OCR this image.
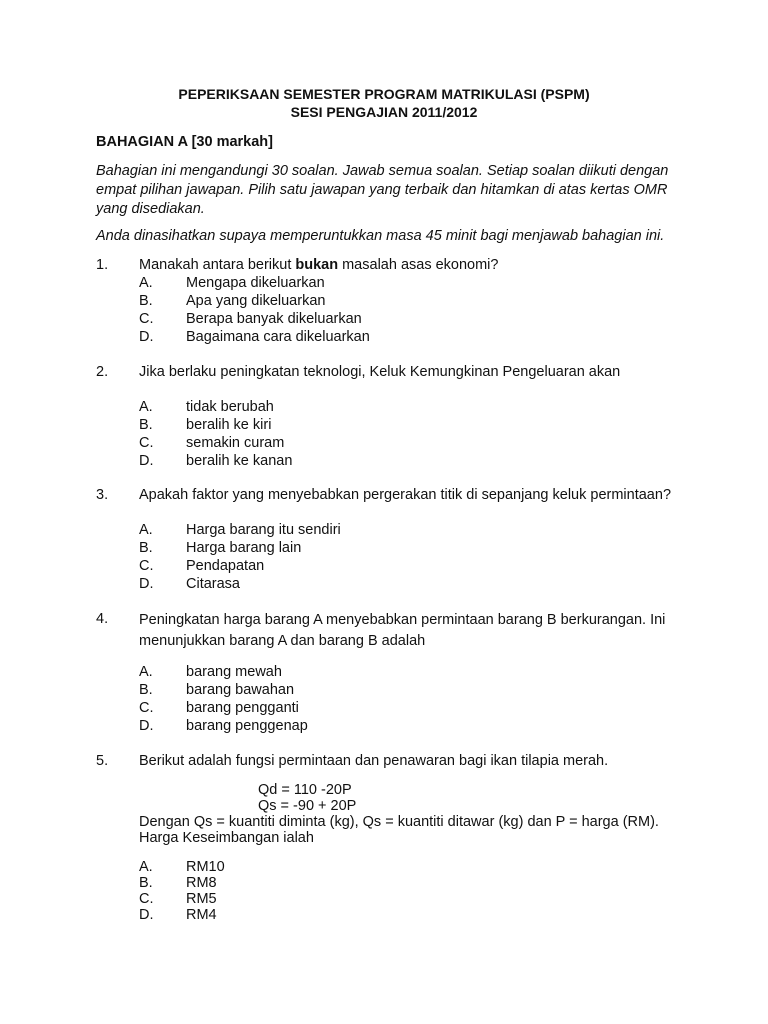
PEPERIKSAAN SEMESTER PROGRAM MATRIKULASI (PSPM)
SESI PENGAJIAN 2011/2012
BAHAGIAN A [30 markah]
Bahagian ini mengandungi 30 soalan. Jawab semua soalan. Setiap soalan diikuti dengan empat pilihan jawapan. Pilih satu jawapan yang terbaik dan hitamkan di atas kertas OMR yang disediakan.
Anda dinasihatkan supaya memperuntukkan masa 45 minit bagi menjawab bahagian ini.
1. Manakah antara berikut bukan masalah asas ekonomi?
A. Mengapa dikeluarkan
B. Apa yang dikeluarkan
C. Berapa banyak dikeluarkan
D. Bagaimana cara dikeluarkan
2. Jika berlaku peningkatan teknologi, Keluk Kemungkinan Pengeluaran akan
A. tidak berubah
B. beralih ke kiri
C. semakin curam
D. beralih ke kanan
3. Apakah faktor yang menyebabkan pergerakan titik di sepanjang keluk permintaan?
A. Harga barang itu sendiri
B. Harga barang lain
C. Pendapatan
D. Citarasa
4. Peningkatan harga barang A menyebabkan permintaan barang B berkurangan. Ini menunjukkan barang A dan barang B adalah
A. barang mewah
B. barang bawahan
C. barang pengganti
D. barang penggenap
5. Berikut adalah fungsi permintaan dan penawaran bagi ikan tilapia merah.
Qd = 110 -20P
Qs = -90 + 20P
Dengan Qs = kuantiti diminta (kg), Qs = kuantiti ditawar (kg) dan P = harga (RM).
Harga Keseimbangan ialah
A. RM10
B. RM8
C. RM5
D. RM4
